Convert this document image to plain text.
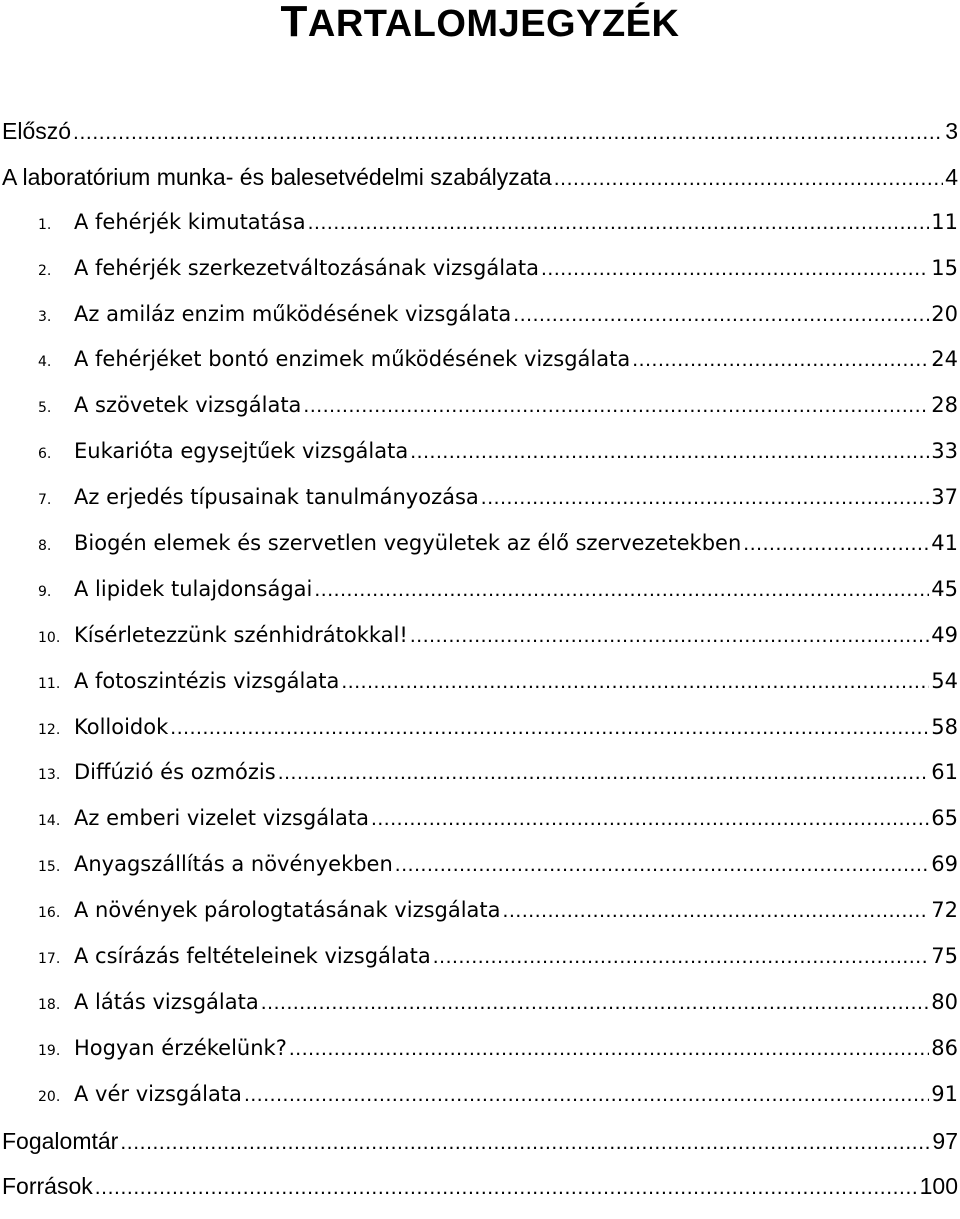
TARTALOMJEGYZÉK
Előszó .....	3
A laboratórium munka- és balesetvédelmi szabályzata .....	4
1.	A fehérjék kimutatása .....	11
2.	A fehérjék szerkezetváltozásának vizsgálata .....	15
3.	Az amiláz enzim működésének vizsgálata .....	20
4.	A fehérjéket bontó enzimek működésének vizsgálata .....	24
5.	A szövetek vizsgálata .....	28
6.	Eukarióta egysejtűek vizsgálata .....	33
7.	Az erjedés típusainak tanulmányozása .....	37
8.	Biogén elemek és szervetlen vegyületek az élő szervezetekben .....	41
9.	A lipidek tulajdonságai .....	45
10. Kísérletezzünk szénhidrátokkal! .....	49
11. A fotoszintézis vizsgálata .....	54
12. Kolloidok .....	58
13. Diffúzió és ozmózis .....	61
14. Az emberi vizelet vizsgálata .....	65
15. Anyagszállítás a növényekben .....	69
16. A növények párologtatásának vizsgálata .....	72
17. A csírázás feltételeinek vizsgálata .....	75
18. A látás vizsgálata .....	80
19. Hogyan érzékelünk? .....	86
20. A vér vizsgálata .....	91
Fogalomtár .....	97
Források .....	100
